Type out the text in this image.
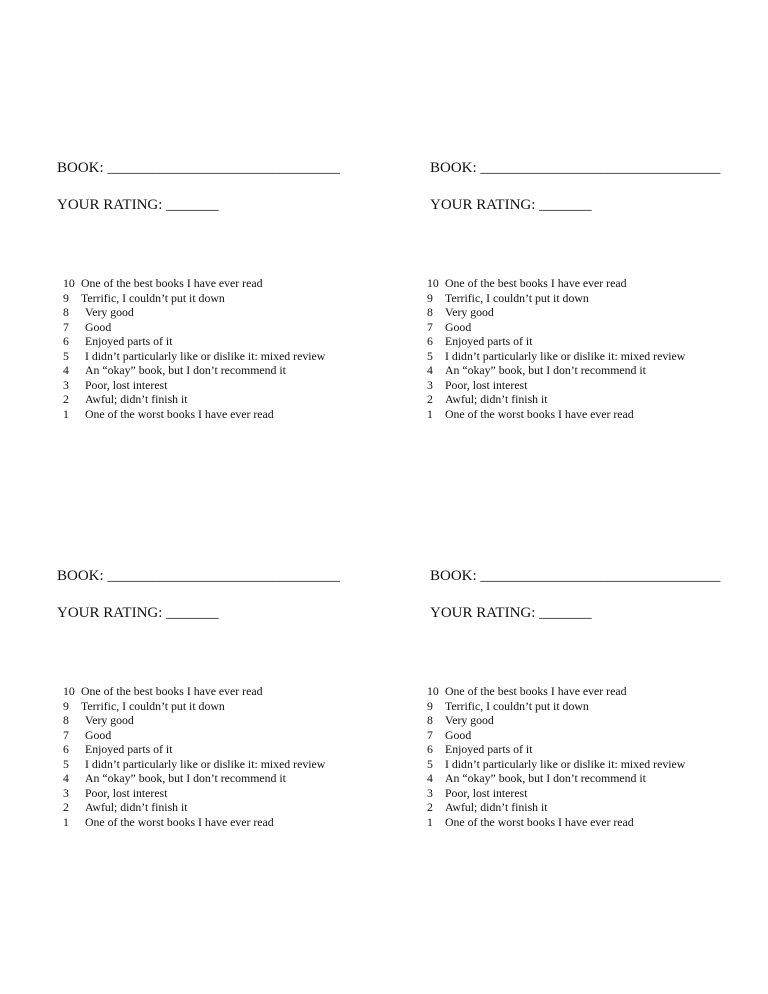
BOOK: _______________________________
YOUR RATING: _______
10 One of the best books I have ever read
9	Terrific, I couldn’t put it down
8	Very good
7	Good
6	Enjoyed parts of it
5	I didn’t particularly like or dislike it: mixed review
4	An “okay” book, but I don’t recommend it
3	Poor, lost interest
2	Awful; didn’t finish it
1	One of the worst books I have ever read
BOOK: ________________________________
YOUR RATING: _______
10 One of the best books I have ever read
9	Terrific, I couldn’t put it down
8	Very good
7	Good
6	Enjoyed parts of it
5	I didn’t particularly like or dislike it: mixed review
4	An “okay” book, but I don’t recommend it
3	Poor, lost interest
2	Awful; didn’t finish it
1	One of the worst books I have ever read
BOOK: _______________________________
YOUR RATING: _______
10 One of the best books I have ever read
9	Terrific, I couldn’t put it down
8	Very good
7	Good
6	Enjoyed parts of it
5	I didn’t particularly like or dislike it: mixed review
4	An “okay” book, but I don’t recommend it
3	Poor, lost interest
2	Awful; didn’t finish it
1	One of the worst books I have ever read
BOOK: ________________________________
YOUR RATING: _______
10 One of the best books I have ever read
9	Terrific, I couldn’t put it down
8	Very good
7	Good
6	Enjoyed parts of it
5	I didn’t particularly like or dislike it: mixed review
4	An “okay” book, but I don’t recommend it
3	Poor, lost interest
2	Awful; didn’t finish it
1	One of the worst books I have ever read
